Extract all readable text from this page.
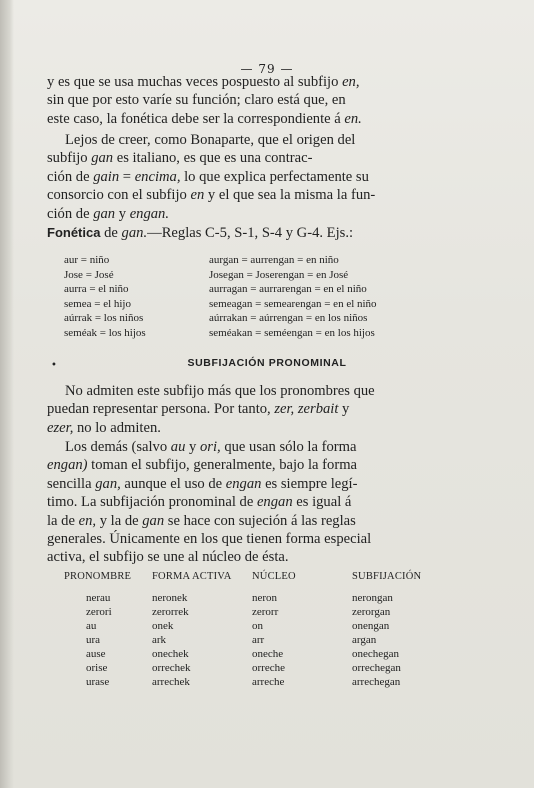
— 79 —

y es que se usa muchas veces pospuesto al subfijo en,

sin que por esto varíe su función; claro está que, en

este caso, la fonética debe ser la correspondiente á en.

Lejos de creer, como Bonaparte, que el origen del

subfijo gan es italiano, es que es una contrac-

ción de gain = encima, lo que explica perfectamente su

consorcio con el subfijo en y el que sea la misma la fun-

ción de gan y engan.

Fonética de gan.—Reglas C-5, S-1, S-4 y G-4. Ejs.:

aur = niño	aurgan = aurrengan = en niño
Jose = José	Josegan = Joserengan = en José
aurra = el niño	aurragan = aurrarengan = en el niño
semea = el hijo	semeagan = semearengan = en el niño
aúrrak = los niños	aúrrakan = aúrrengan = en los niños
seméak = los hijos	seméakan = seméengan = en los hijos
•	SUBFIJACIÓN PRONOMINAL

No admiten este subfijo más que los pronombres que

puedan representar persona. Por tanto, zer, zerbait y

ezer, no lo admiten.

Los demás (salvo au y ori, que usan sólo la forma

engan) toman el subfijo, generalmente, bajo la forma

sencilla gan, aunque el uso de engan es siempre legí-

timo. La subfijación pronominal de engan es igual á

la de en, y la de gan se hace con sujeción á las reglas

generales. Únicamente en los que tienen forma especial

activa, el subfijo se une al núcleo de ésta.

PRONOMBRE	FORMA ACTIVA	NÚCLEO	SUBFIJACIÓN
nerau	neronek	neron	nerongan
zerori	zerorrek	zerorr	zerorgan
au	onek	on	onengan
ura	ark	arr	argan
ause	onechek	oneche	onechegan
orise	orrechek	orreche	orrechegan
urase	arrechek	arreche	arrechegan
